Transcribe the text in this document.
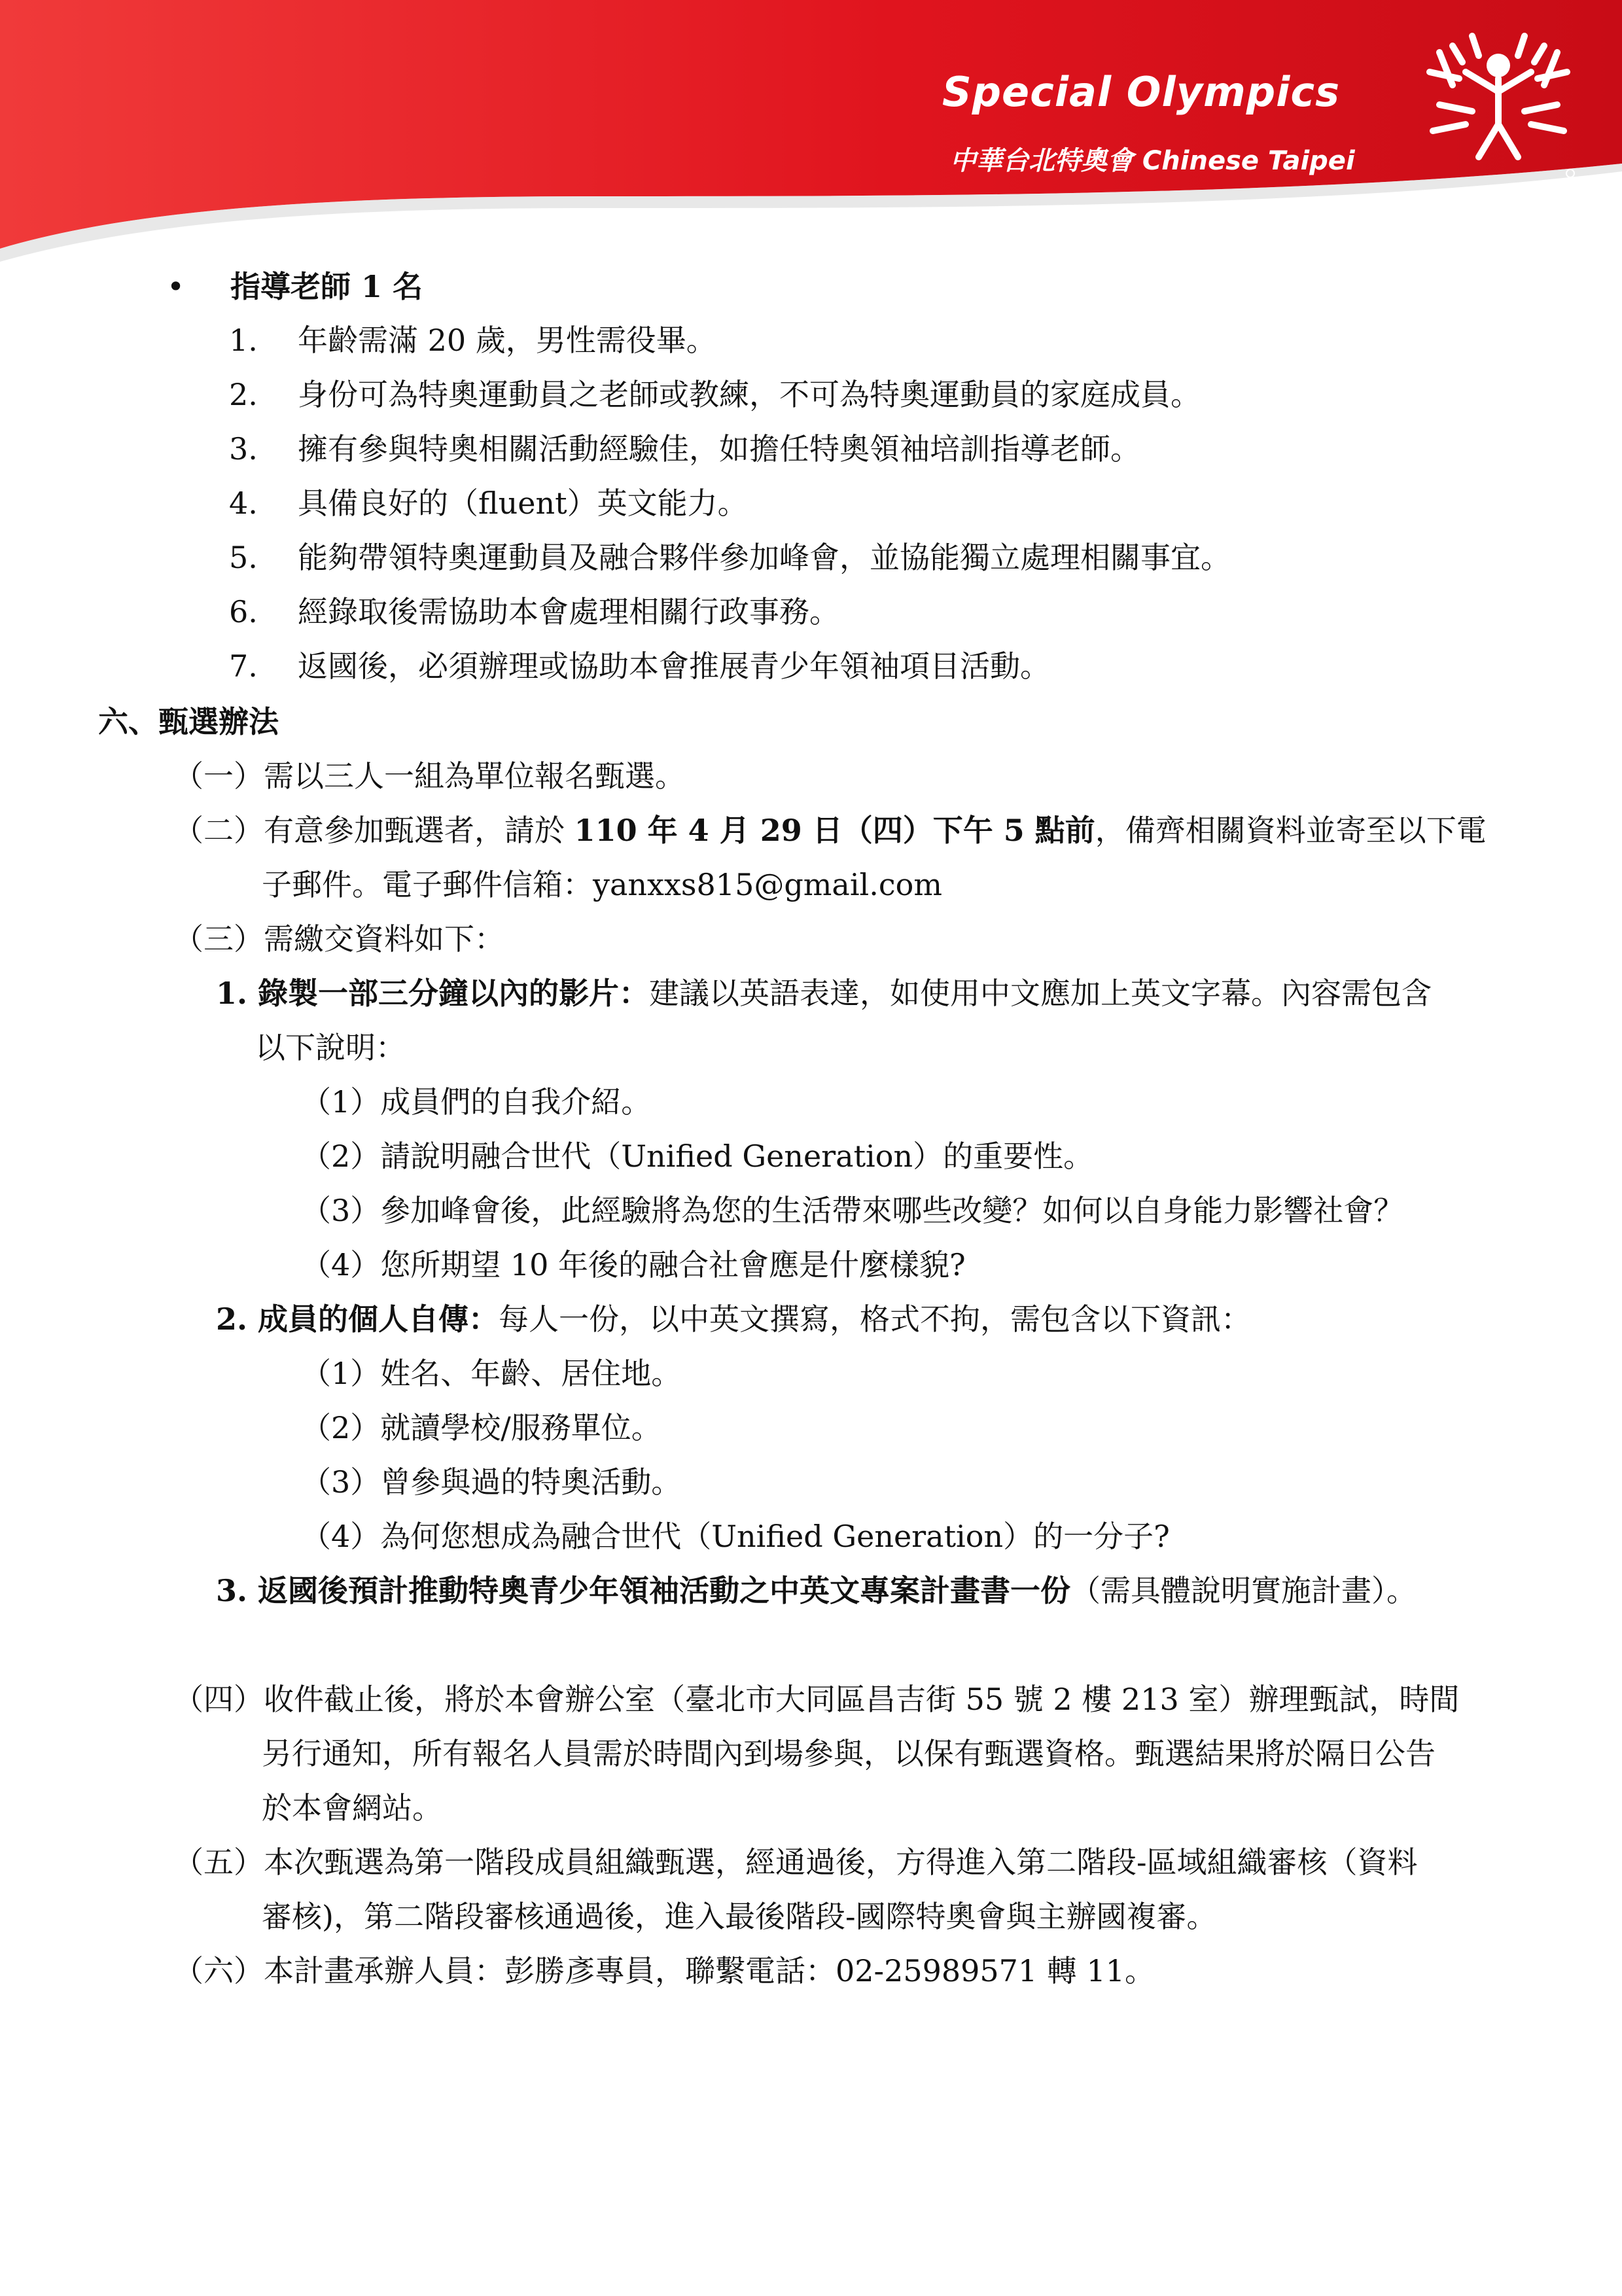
Special Olympics
中華台北特奧會 Chinese Taipei
• 指導老師 1 名
1. 年齡需滿 20 歲，男性需役畢。
2. 身份可為特奧運動員之老師或教練，不可為特奧運動員的家庭成員。
3. 擁有參與特奧相關活動經驗佳，如擔任特奧領袖培訓指導老師。
4. 具備良好的（fluent）英文能力。
5. 能夠帶領特奧運動員及融合夥伴參加峰會，並協能獨立處理相關事宜。
6. 經錄取後需協助本會處理相關行政事務。
7. 返國後，必須辦理或協助本會推展青少年領袖項目活動。
六、甄選辦法
（一）需以三人一組為單位報名甄選。
（二）有意參加甄選者，請於 110 年 4 月 29 日（四）下午 5 點前，備齊相關資料並寄至以下電
子郵件。電子郵件信箱：yanxxs815@gmail.com
（三）需繳交資料如下：
1. 錄製一部三分鐘以內的影片：建議以英語表達，如使用中文應加上英文字幕。內容需包含
以下說明：
（1）成員們的自我介紹。
（2）請說明融合世代（Unified Generation）的重要性。
（3）參加峰會後，此經驗將為您的生活帶來哪些改變？如何以自身能力影響社會？
（4）您所期望 10 年後的融合社會應是什麼樣貌?
2. 成員的個人自傳：每人一份，以中英文撰寫，格式不拘，需包含以下資訊：
（1）姓名、年齡、居住地。
（2）就讀學校/服務單位。
（3）曾參與過的特奧活動。
（4）為何您想成為融合世代（Unified Generation）的一分子?
3. 返國後預計推動特奧青少年領袖活動之中英文專案計畫書一份（需具體說明實施計畫）。
（四）收件截止後，將於本會辦公室（臺北市大同區昌吉街 55 號 2 樓 213 室）辦理甄試，時間
另行通知，所有報名人員需於時間內到場參與，以保有甄選資格。甄選結果將於隔日公告
於本會網站。
（五）本次甄選為第一階段成員組織甄選，經通過後，方得進入第二階段-區域組織審核（資料
審核)，第二階段審核通過後，進入最後階段-國際特奧會與主辦國複審。
（六）本計畫承辦人員：彭勝彥專員，聯繫電話：02-25989571 轉 11。
